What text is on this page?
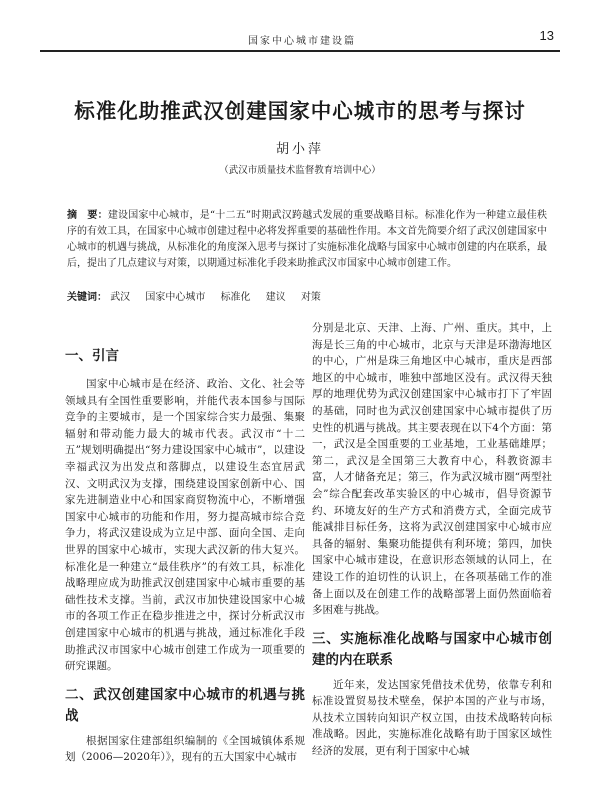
国家中心城市建设篇	13
标准化助推武汉创建国家中心城市的思考与探讨
胡小萍
（武汉市质量技术监督教育培训中心）
摘　要：建设国家中心城市，是“十二五”时期武汉跨越式发展的重要战略目标。标准化作为一种建立最佳秩序的有效工具，在国家中心城市创建过程中必将发挥重要的基础性作用。本文首先简要介绍了武汉创建国家中心城市的机遇与挑战，从标准化的角度深入思考与探讨了实施标准化战略与国家中心城市创建的内在联系，最后，提出了几点建议与对策，以期通过标准化手段来助推武汉市国家中心城市创建工作。
关键词： 武汉 国家中心城市 标准化 建议 对策
一、引言

国家中心城市是在经济、政治、文化、社会等领域具有全国性重要影响，并能代表本国参与国际竞争的主要城市，是一个国家综合实力最强、集聚辐射和带动能力最大的城市代表。武汉市“十二五”规划明确提出“努力建设国家中心城市”，以建设幸福武汉为出发点和落脚点，以建设生态宜居武汉、文明武汉为支撑，围绕建设国家创新中心、国家先进制造业中心和国家商贸物流中心，不断增强国家中心城市的功能和作用，努力提高城市综合竞争力，将武汉建设成为立足中部、面向全国、走向世界的国家中心城市，实现大武汉新的伟大复兴。标准化是一种建立“最佳秩序”的有效工具，标准化战略理应成为助推武汉创建国家中心城市重要的基础性技术支撑。当前，武汉市加快建设国家中心城市的各项工作正在稳步推进之中，探讨分析武汉市创建国家中心城市的机遇与挑战，通过标准化手段助推武汉市国家中心城市创建工作成为一项重要的研究课题。

二、武汉创建国家中心城市的机遇与挑战

根据国家住建部组织编制的《全国城镇体系规划（2006—2020年）》，现有的五大国家中心城市

分别是北京、天津、上海、广州、重庆。其中，上海是长三角的中心城市，北京与天津是环渤海地区的中心，广州是珠三角地区中心城市，重庆是西部地区的中心城市，唯独中部地区没有。武汉得天独厚的地理优势为武汉创建国家中心城市打下了牢固的基础，同时也为武汉创建国家中心城市提供了历史性的机遇与挑战。其主要表现在以下4个方面：第一，武汉是全国重要的工业基地，工业基础雄厚；第二，武汉是全国第三大教育中心，科教资源丰富，人才储备充足；第三，作为武汉城市圈“两型社会”综合配套改革实验区的中心城市，倡导资源节约、环境友好的生产方式和消费方式，全面完成节能减排目标任务，这将为武汉创建国家中心城市应具备的辐射、集聚功能提供有利环境；第四，加快国家中心城市建设，在意识形态领域的认同上，在建设工作的迫切性的认识上，在各项基础工作的准备上面以及在创建工作的战略部署上面仍然面临着多困难与挑战。
三、实施标准化战略与国家中心城市创建的内在联系

近年来，发达国家凭借技术优势，依靠专利和标准设置贸易技术壁垒，保护本国的产业与市场，从技术立国转向知识产权立国，由技术战略转向标准战略。因此，实施标准化战略有助于国家区域性经济的发展，更有利于国家中心城
